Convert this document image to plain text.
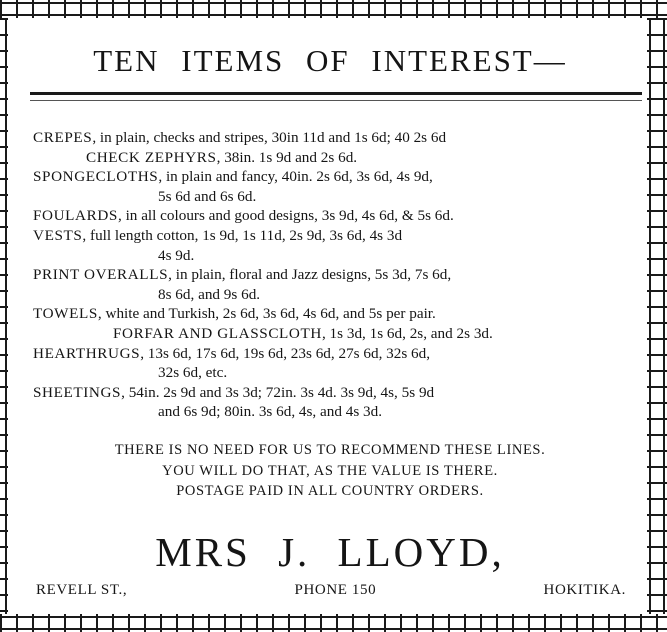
TEN ITEMS OF INTEREST—
CREPES, in plain, checks and stripes, 30in 11d and 1s 6d; 40 2s 6d
CHECK ZEPHYRS, 38in. 1s 9d and 2s 6d.
SPONGECLOTHS, in plain and fancy, 40in. 2s 6d, 3s 6d, 4s 9d,
5s 6d and 6s 6d.
FOULARDS, in all colours and good designs, 3s 9d, 4s 6d, & 5s 6d.
VESTS, full length cotton, 1s 9d, 1s 11d, 2s 9d, 3s 6d, 4s 3d
4s 9d.
PRINT OVERALLS, in plain, floral and Jazz designs, 5s 3d, 7s 6d,
8s 6d, and 9s 6d.
TOWELS, white and Turkish, 2s 6d, 3s 6d, 4s 6d, and 5s per pair.
FORFAR AND GLASSCLOTH, 1s 3d, 1s 6d, 2s, and 2s 3d.
HEARTHRUGS, 13s 6d, 17s 6d, 19s 6d, 23s 6d, 27s 6d, 32s 6d,
32s 6d, etc.
SHEETINGS, 54in. 2s 9d and 3s 3d; 72in. 3s 4d. 3s 9d, 4s, 5s 9d
and 6s 9d; 80in. 3s 6d, 4s, and 4s 3d.
THERE IS NO NEED FOR US TO RECOMMEND THESE LINES.
YOU WILL DO THAT, AS THE VALUE IS THERE.
POSTAGE PAID IN ALL COUNTRY ORDERS.
MRS J. LLOYD,
REVELL ST.,	PHONE 150	HOKITIKA.
